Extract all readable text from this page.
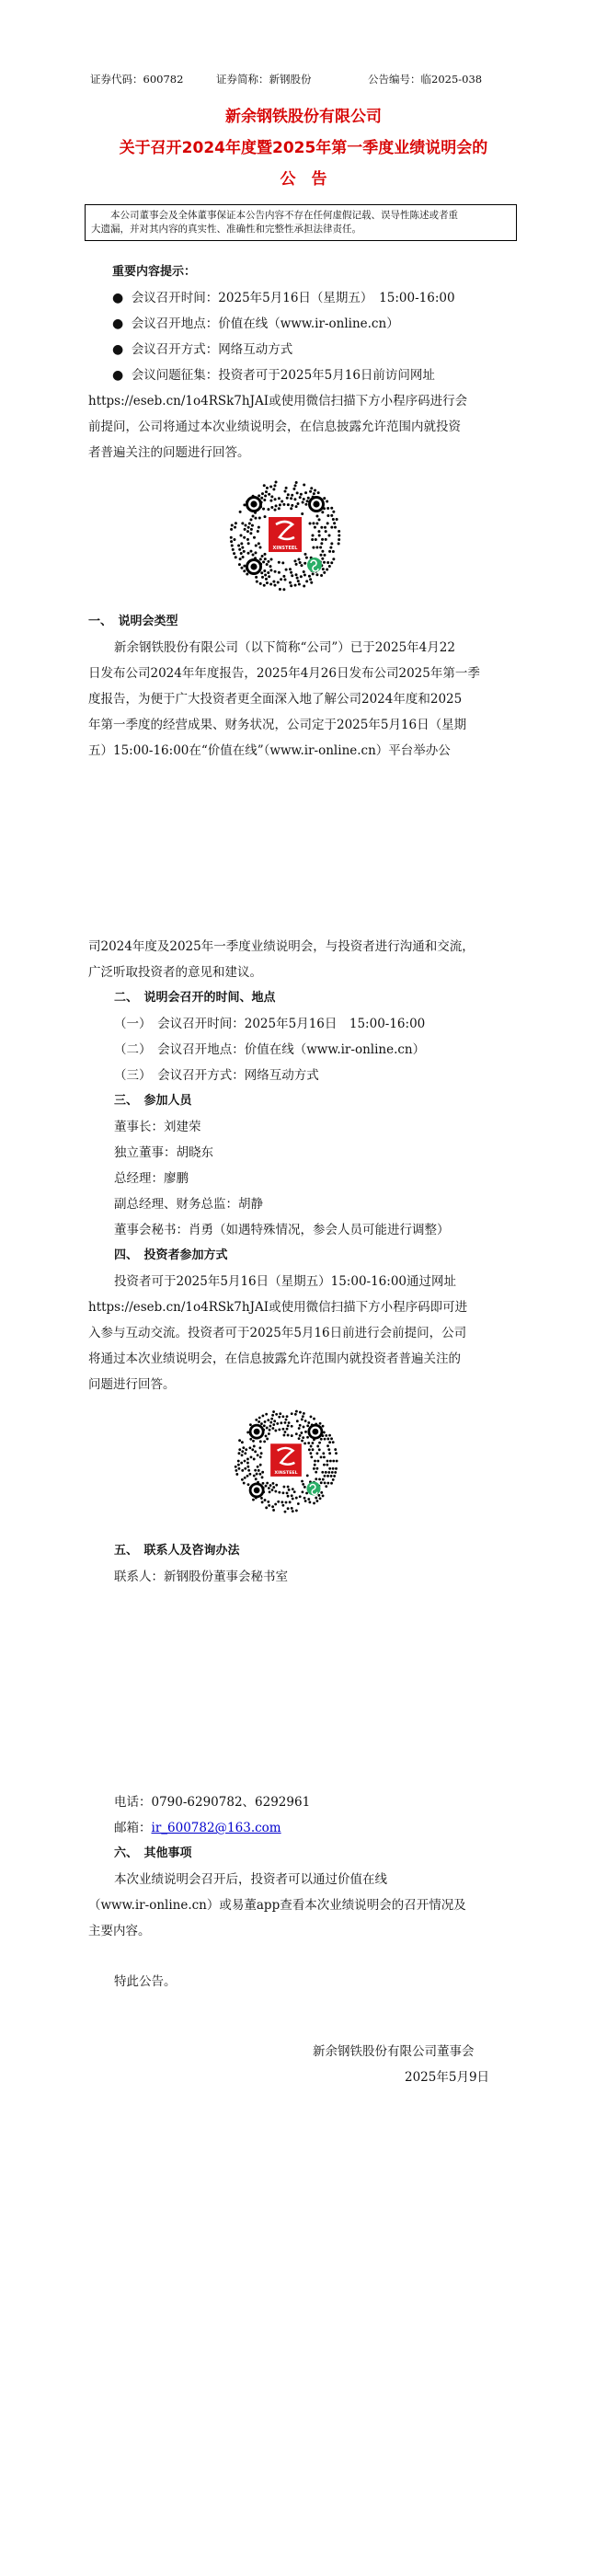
证券代码：600782	证券简称：新钢股份	公告编号：临2025-038
新余钢铁股份有限公司
关于召开2024年度暨2025年第一季度业绩说明会的
公　告
本公司董事会及全体董事保证本公告内容不存在任何虚假记载、误导性陈述或者重
大遗漏，并对其内容的真实性、准确性和完整性承担法律责任。
重要内容提示：
● 会议召开时间：2025年5月16日（星期五）　15:00-16:00
● 会议召开地点：价值在线（www.ir-online.cn）
● 会议召开方式：网络互动方式
● 会议问题征集：投资者可于2025年5月16日前访问网址
https://eseb.cn/1o4RSk7hJAI或使用微信扫描下方小程序码进行会
前提问，公司将通过本次业绩说明会，在信息披露允许范围内就投资
者普遍关注的问题进行回答。
XINSTEEL
一、　说明会类型
新余钢铁股份有限公司（以下简称“公司”）已于2025年4月22
日发布公司2024年年度报告，2025年4月26日发布公司2025年第一季
度报告，为便于广大投资者更全面深入地了解公司2024年度和2025
年第一季度的经营成果、财务状况，公司定于2025年5月16日（星期
五）15:00-16:00在“价值在线”（www.ir-online.cn）平台举办公
司2024年度及2025年一季度业绩说明会，与投资者进行沟通和交流，
广泛听取投资者的意见和建议。
二、　说明会召开的时间、地点
（一）　会议召开时间：2025年5月16日　15:00-16:00
（二）　会议召开地点：价值在线（www.ir-online.cn）
（三）　会议召开方式：网络互动方式
三、　参加人员
董事长：刘建荣
独立董事：胡晓东
总经理：廖鹏
副总经理、财务总监：胡静
董事会秘书：肖勇（如遇特殊情况，参会人员可能进行调整）
四、　投资者参加方式
投资者可于2025年5月16日（星期五）15:00-16:00通过网址
https://eseb.cn/1o4RSk7hJAI或使用微信扫描下方小程序码即可进
入参与互动交流。投资者可于2025年5月16日前进行会前提问，公司
将通过本次业绩说明会，在信息披露允许范围内就投资者普遍关注的
问题进行回答。
XINSTEEL
五、　联系人及咨询办法
联系人：新钢股份董事会秘书室
电话：0790-6290782、6292961
邮箱：ir_600782@163.com
六、　其他事项
本次业绩说明会召开后，投资者可以通过价值在线
（www.ir-online.cn）或易董app查看本次业绩说明会的召开情况及
主要内容。
特此公告。
新余钢铁股份有限公司董事会
2025年5月9日
